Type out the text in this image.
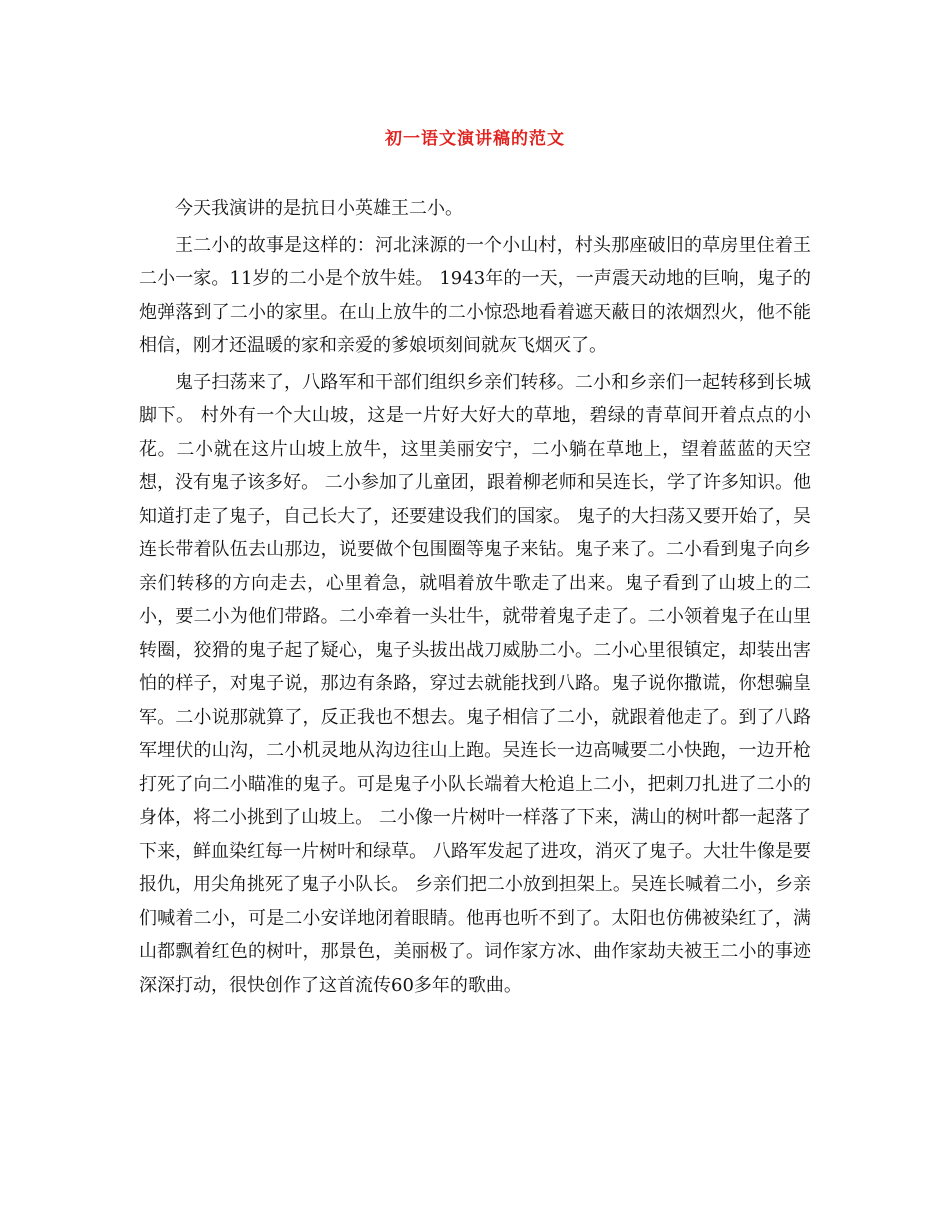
初一语文演讲稿的范文

今天我演讲的是抗日小英雄王二小。

王二小的故事是这样的：河北涞源的一个小山村，村头那座破旧的草房里住着王二小一家。11岁的二小是个放牛娃。 1943年的一天，一声震天动地的巨响，鬼子的炮弹落到了二小的家里。在山上放牛的二小惊恐地看着遮天蔽日的浓烟烈火，他不能相信，刚才还温暖的家和亲爱的爹娘顷刻间就灰飞烟灭了。

鬼子扫荡来了，八路军和干部们组织乡亲们转移。二小和乡亲们一起转移到长城脚下。 村外有一个大山坡，这是一片好大好大的草地，碧绿的青草间开着点点的小花。二小就在这片山坡上放牛，这里美丽安宁，二小躺在草地上，望着蓝蓝的天空想，没有鬼子该多好。 二小参加了儿童团，跟着柳老师和吴连长，学了许多知识。他知道打走了鬼子，自己长大了，还要建设我们的国家。 鬼子的大扫荡又要开始了，吴连长带着队伍去山那边，说要做个包围圈等鬼子来钻。鬼子来了。二小看到鬼子向乡亲们转移的方向走去，心里着急，就唱着放牛歌走了出来。鬼子看到了山坡上的二小，要二小为他们带路。二小牵着一头壮牛，就带着鬼子走了。二小领着鬼子在山里转圈，狡猾的鬼子起了疑心，鬼子头拔出战刀威胁二小。二小心里很镇定，却装出害怕的样子，对鬼子说，那边有条路，穿过去就能找到八路。鬼子说你撒谎，你想骗皇军。二小说那就算了，反正我也不想去。鬼子相信了二小，就跟着他走了。到了八路军埋伏的山沟，二小机灵地从沟边往山上跑。吴连长一边高喊要二小快跑，一边开枪打死了向二小瞄准的鬼子。可是鬼子小队长端着大枪追上二小，把刺刀扎进了二小的身体，将二小挑到了山坡上。 二小像一片树叶一样落了下来，满山的树叶都一起落了下来，鲜血染红每一片树叶和绿草。 八路军发起了进攻，消灭了鬼子。大壮牛像是要报仇，用尖角挑死了鬼子小队长。 乡亲们把二小放到担架上。吴连长喊着二小，乡亲们喊着二小，可是二小安详地闭着眼睛。他再也听不到了。太阳也仿佛被染红了，满山都飘着红色的树叶，那景色，美丽极了。词作家方冰、曲作家劫夫被王二小的事迹深深打动，很快创作了这首流传60多年的歌曲。
